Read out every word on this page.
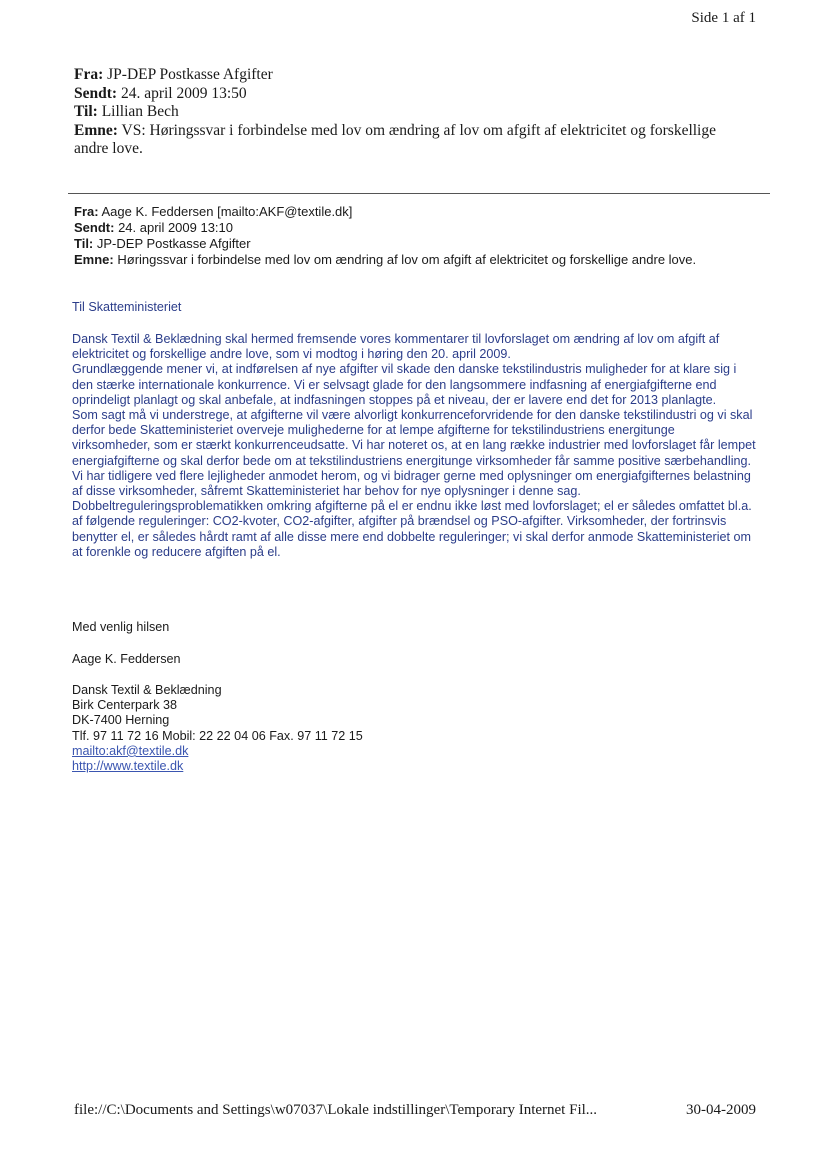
Side 1 af 1
Fra: JP-DEP Postkasse Afgifter
Sendt: 24. april 2009 13:50
Til: Lillian Bech
Emne: VS: Høringssvar i forbindelse med lov om ændring af lov om afgift af elektricitet og forskellige andre love.
Fra: Aage K. Feddersen [mailto:AKF@textile.dk]
Sendt: 24. april 2009 13:10
Til: JP-DEP Postkasse Afgifter
Emne: Høringssvar i forbindelse med lov om ændring af lov om afgift af elektricitet og forskellige andre love.
Til Skatteministeriet

Dansk Textil & Beklædning skal hermed fremsende vores kommentarer til lovforslaget om ændring af lov om afgift af elektricitet og forskellige andre love, som vi modtog i høring den 20. april 2009.

Grundlæggende mener vi, at indførelsen af nye afgifter vil skade den danske tekstilindustris muligheder for at klare sig i den stærke internationale konkurrence. Vi er selvsagt glade for den langsommere indfasning af energiafgifterne end oprindeligt planlagt og skal anbefale, at indfasningen stoppes på et niveau, der er lavere end det for 2013 planlagte.

Som sagt må vi understrege, at afgifterne vil være alvorligt konkurrenceforvridende for den danske tekstilindustri og vi skal derfor bede Skatteministeriet overveje mulighederne for at lempe afgifterne for tekstilindustriens energitunge virksomheder, som er stærkt konkurrenceudsatte. Vi har noteret os, at en lang række industrier med lovforslaget får lempet energiafgifterne og skal derfor bede om at tekstilindustriens energitunge virksomheder får samme positive særbehandling. Vi har tidligere ved flere lejligheder anmodet herom, og vi bidrager gerne med oplysninger om energiafgifternes belastning af disse virksomheder, såfremt Skatteministeriet har behov for nye oplysninger i denne sag.

Dobbeltreguleringsproblematikken omkring afgifterne på el er endnu ikke løst med lovforslaget; el er således omfattet bl.a. af følgende reguleringer: CO2-kvoter, CO2-afgifter, afgifter på brændsel og PSO-afgifter. Virksomheder, der fortrinsvis benytter el, er således hårdt ramt af alle disse mere end dobbelte reguleringer; vi skal derfor anmode Skatteministeriet om at forenkle og reducere afgiften på el.

Med venlig hilsen
Aage K. Feddersen
Dansk Textil & Beklædning
Birk Centerpark 38
DK-7400 Herning
Tlf. 97 11 72 16 Mobil: 22 22 04 06 Fax. 97 11 72 15
mailto:akf@textile.dk
http://www.textile.dk
file://C:\Documents and Settings\w07037\Lokale indstillinger\Temporary Internet Fil...	30-04-2009
